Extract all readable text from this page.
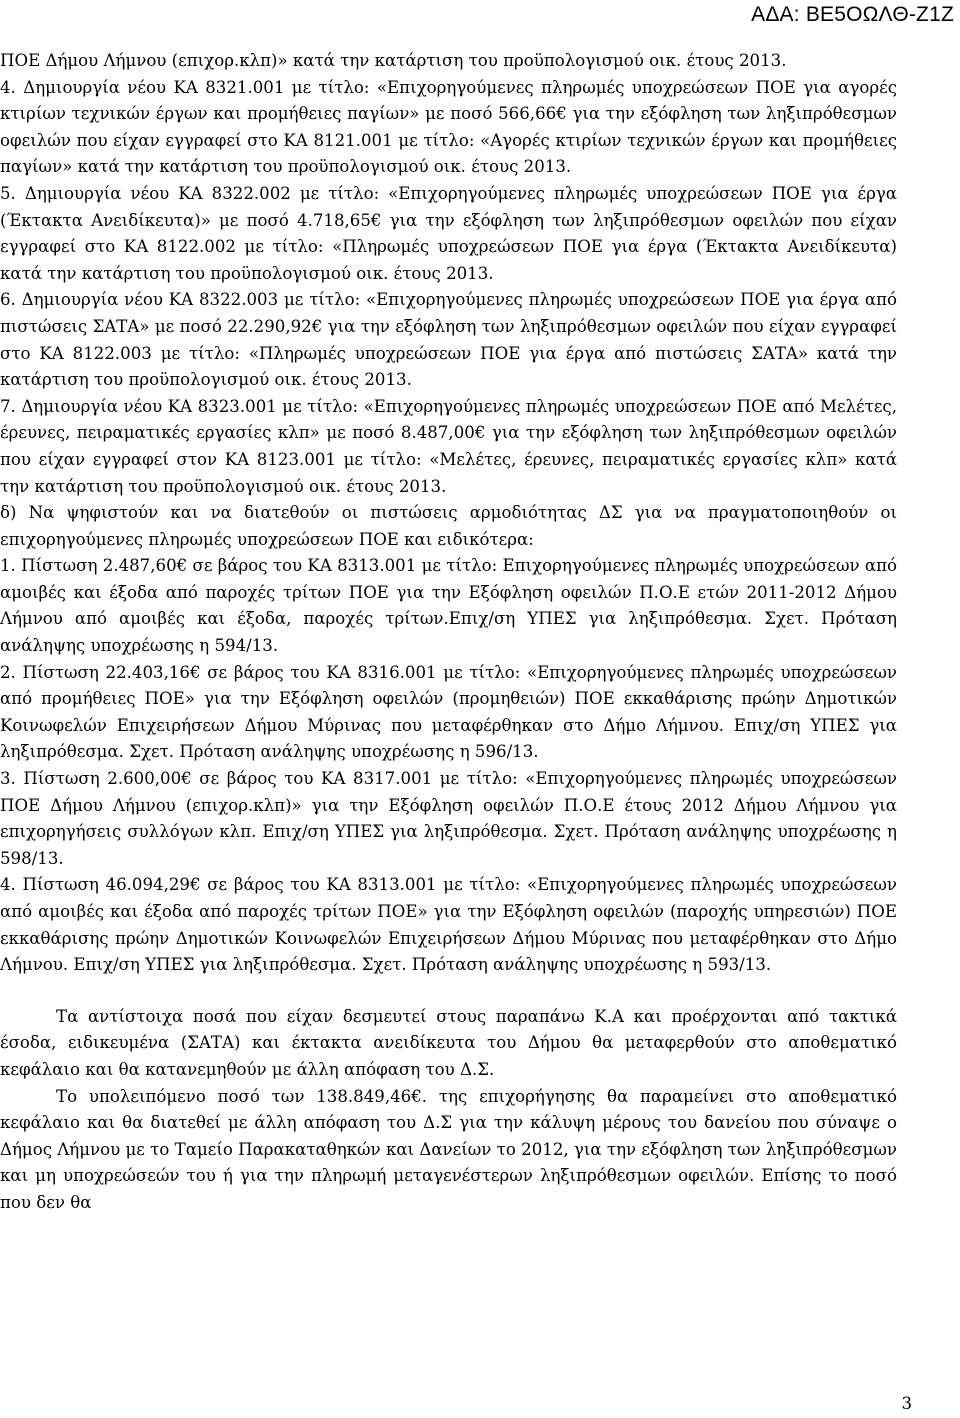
ΑΔΑ: ΒΕ5ΟΩΛΘ-Ζ1Ζ

ΠΟΕ Δήμου Λήμνου (επιχορ.κλπ)» κατά την κατάρτιση του προϋπολογισμού οικ. έτους 2013.

4. Δημιουργία νέου ΚΑ 8321.001 με τίτλο: «Επιχορηγούμενες πληρωμές υποχρεώσεων ΠΟΕ για αγορές κτιρίων τεχνικών έργων και προμήθειες παγίων» με ποσό 566,66€ για την εξόφληση των ληξιπρόθεσμων οφειλών που είχαν εγγραφεί στο ΚΑ 8121.001 με τίτλο: «Αγορές κτιρίων τεχνικών έργων και προμήθειες παγίων» κατά την κατάρτιση του προϋπολογισμού οικ. έτους 2013.

5. Δημιουργία νέου ΚΑ 8322.002 με τίτλο: «Επιχορηγούμενες πληρωμές υποχρεώσεων ΠΟΕ για έργα (Έκτακτα Ανειδίκευτα)» με ποσό 4.718,65€ για την εξόφληση των ληξιπρόθεσμων οφειλών που είχαν εγγραφεί στο ΚΑ 8122.002 με τίτλο: «Πληρωμές υποχρεώσεων ΠΟΕ για έργα (Έκτακτα Ανειδίκευτα) κατά την κατάρτιση του προϋπολογισμού οικ. έτους 2013.

6. Δημιουργία νέου ΚΑ 8322.003 με τίτλο: «Επιχορηγούμενες πληρωμές υποχρεώσεων ΠΟΕ για έργα από πιστώσεις ΣΑΤΑ» με ποσό 22.290,92€ για την εξόφληση των ληξιπρόθεσμων οφειλών που είχαν εγγραφεί στο ΚΑ 8122.003 με τίτλο: «Πληρωμές υποχρεώσεων ΠΟΕ για έργα από πιστώσεις ΣΑΤΑ» κατά την κατάρτιση του προϋπολογισμού οικ. έτους 2013.

7. Δημιουργία νέου ΚΑ 8323.001 με τίτλο: «Επιχορηγούμενες πληρωμές υποχρεώσεων ΠΟΕ από Μελέτες, έρευνες, πειραματικές εργασίες κλπ» με ποσό 8.487,00€ για την εξόφληση των ληξιπρόθεσμων οφειλών που είχαν εγγραφεί στον ΚΑ 8123.001 με τίτλο: «Μελέτες, έρευνες, πειραματικές εργασίες κλπ» κατά την κατάρτιση του προϋπολογισμού οικ. έτους 2013.

δ) Να ψηφιστούν και να διατεθούν οι πιστώσεις αρμοδιότητας ΔΣ για να πραγματοποιηθούν οι επιχορηγούμενες πληρωμές υποχρεώσεων ΠΟΕ και ειδικότερα:

1. Πίστωση 2.487,60€ σε βάρος του ΚΑ 8313.001 με τίτλο: Επιχορηγούμενες πληρωμές υποχρεώσεων από αμοιβές και έξοδα από παροχές τρίτων ΠΟΕ για την Εξόφληση οφειλών Π.Ο.Ε ετών 2011-2012 Δήμου Λήμνου από αμοιβές και έξοδα, παροχές τρίτων.Επιχ/ση ΥΠΕΣ για ληξιπρόθεσμα. Σχετ. Πρόταση ανάληψης υποχρέωσης η 594/13.

2. Πίστωση 22.403,16€ σε βάρος του ΚΑ 8316.001 με τίτλο: «Επιχορηγούμενες πληρωμές υποχρεώσεων από προμήθειες ΠΟΕ» για την Εξόφληση οφειλών (προμηθειών) ΠΟΕ εκκαθάρισης πρώην Δημοτικών Κοινωφελών Επιχειρήσεων Δήμου Μύρινας που μεταφέρθηκαν στο Δήμο Λήμνου. Επιχ/ση ΥΠΕΣ για ληξιπρόθεσμα. Σχετ. Πρόταση ανάληψης υποχρέωσης η 596/13.

3. Πίστωση 2.600,00€ σε βάρος του ΚΑ 8317.001 με τίτλο: «Επιχορηγούμενες πληρωμές υποχρεώσεων ΠΟΕ Δήμου Λήμνου (επιχορ.κλπ)» για την Εξόφληση οφειλών Π.Ο.Ε έτους 2012 Δήμου Λήμνου για επιχορηγήσεις συλλόγων κλπ. Επιχ/ση ΥΠΕΣ για ληξιπρόθεσμα. Σχετ. Πρόταση ανάληψης υποχρέωσης η 598/13.

4. Πίστωση 46.094,29€ σε βάρος του ΚΑ 8313.001 με τίτλο: «Επιχορηγούμενες πληρωμές υποχρεώσεων από αμοιβές και έξοδα από παροχές τρίτων ΠΟΕ» για την Εξόφληση οφειλών (παροχής υπηρεσιών) ΠΟΕ εκκαθάρισης πρώην Δημοτικών Κοινωφελών Επιχειρήσεων Δήμου Μύρινας που μεταφέρθηκαν στο Δήμο Λήμνου. Επιχ/ση ΥΠΕΣ για ληξιπρόθεσμα. Σχετ. Πρόταση ανάληψης υποχρέωσης η 593/13.

Τα αντίστοιχα ποσά που είχαν δεσμευτεί στους παραπάνω Κ.Α και προέρχονται από τακτικά έσοδα, ειδικευμένα (ΣΑΤΑ) και έκτακτα ανειδίκευτα του Δήμου θα μεταφερθούν στο αποθεματικό κεφάλαιο και θα κατανεμηθούν με άλλη απόφαση του Δ.Σ.

Το υπολειπόμενο ποσό των 138.849,46€. της επιχορήγησης θα παραμείνει στο αποθεματικό κεφάλαιο και θα διατεθεί με άλλη απόφαση του Δ.Σ για την κάλυψη μέρους του δανείου που σύναψε ο Δήμος Λήμνου με το Ταμείο Παρακαταθηκών και Δανείων το 2012, για την εξόφληση των ληξιπρόθεσμων και μη υποχρεώσεών του ή για την πληρωμή μεταγενέστερων ληξιπρόθεσμων οφειλών. Επίσης το ποσό που δεν θα

3
